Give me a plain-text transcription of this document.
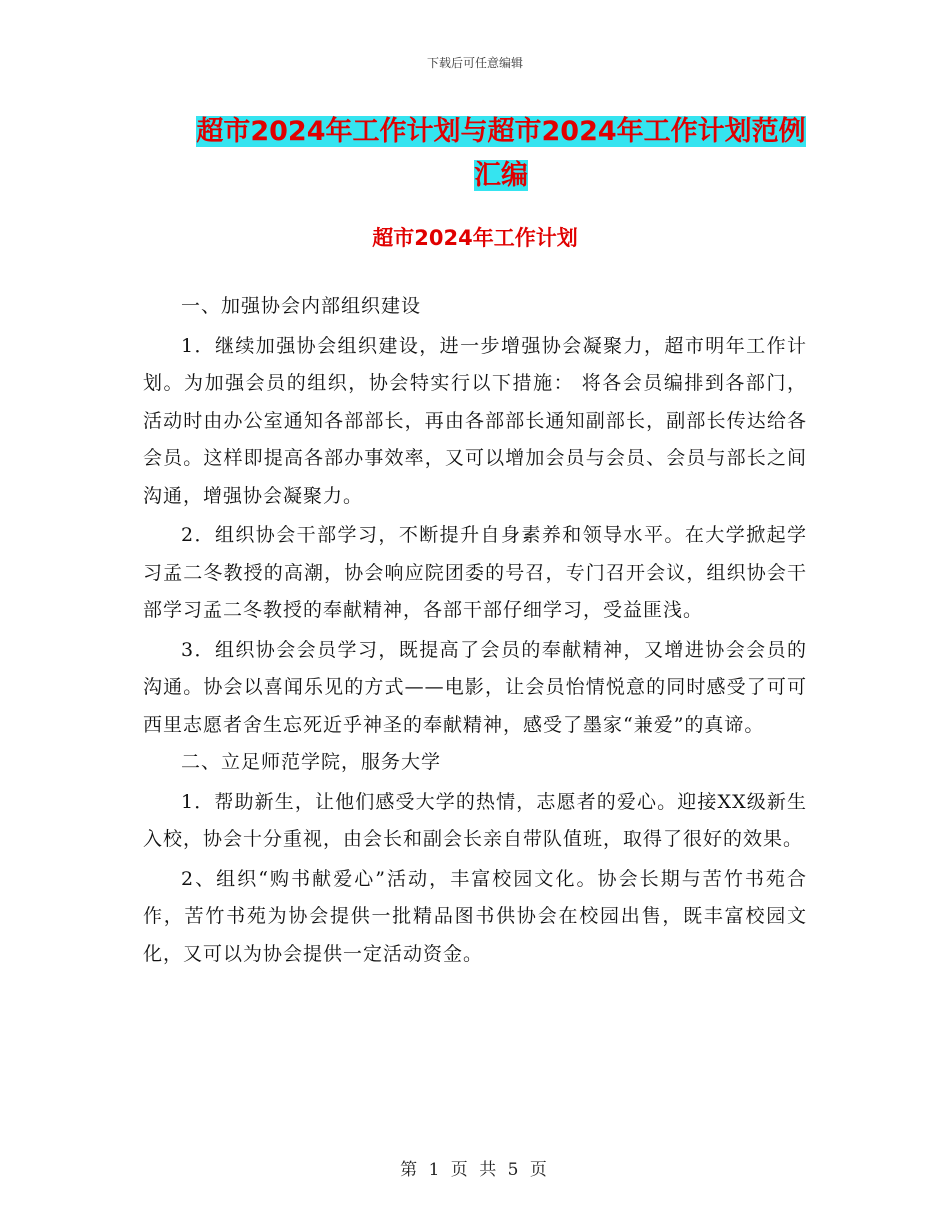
下载后可任意编辑
超市2024年工作计划与超市2024年工作计划范例汇编
超市2024年工作计划

一、加强协会内部组织建设

1．继续加强协会组织建设，进一步增强协会凝聚力，超市明年工作计划。为加强会员的组织，协会特实行以下措施： 将各会员编排到各部门，活动时由办公室通知各部部长，再由各部部长通知副部长，副部长传达给各会员。这样即提高各部办事效率，又可以增加会员与会员、会员与部长之间沟通，增强协会凝聚力。

2．组织协会干部学习，不断提升自身素养和领导水平。在大学掀起学习孟二冬教授的高潮，协会响应院团委的号召，专门召开会议，组织协会干部学习孟二冬教授的奉献精神，各部干部仔细学习，受益匪浅。

3．组织协会会员学习，既提高了会员的奉献精神，又增进协会会员的沟通。协会以喜闻乐见的方式——电影，让会员怡情悦意的同时感受了可可西里志愿者舍生忘死近乎神圣的奉献精神，感受了墨家“兼爱”的真谛。

二、立足师范学院，服务大学

1．帮助新生，让他们感受大学的热情，志愿者的爱心。迎接XX级新生入校，协会十分重视，由会长和副会长亲自带队值班，取得了很好的效果。

2、组织“购书献爱心”活动，丰富校园文化。协会长期与苦竹书苑合作，苦竹书苑为协会提供一批精品图书供协会在校园出售，既丰富校园文化，又可以为协会提供一定活动资金。

第 1 页 共 5 页
